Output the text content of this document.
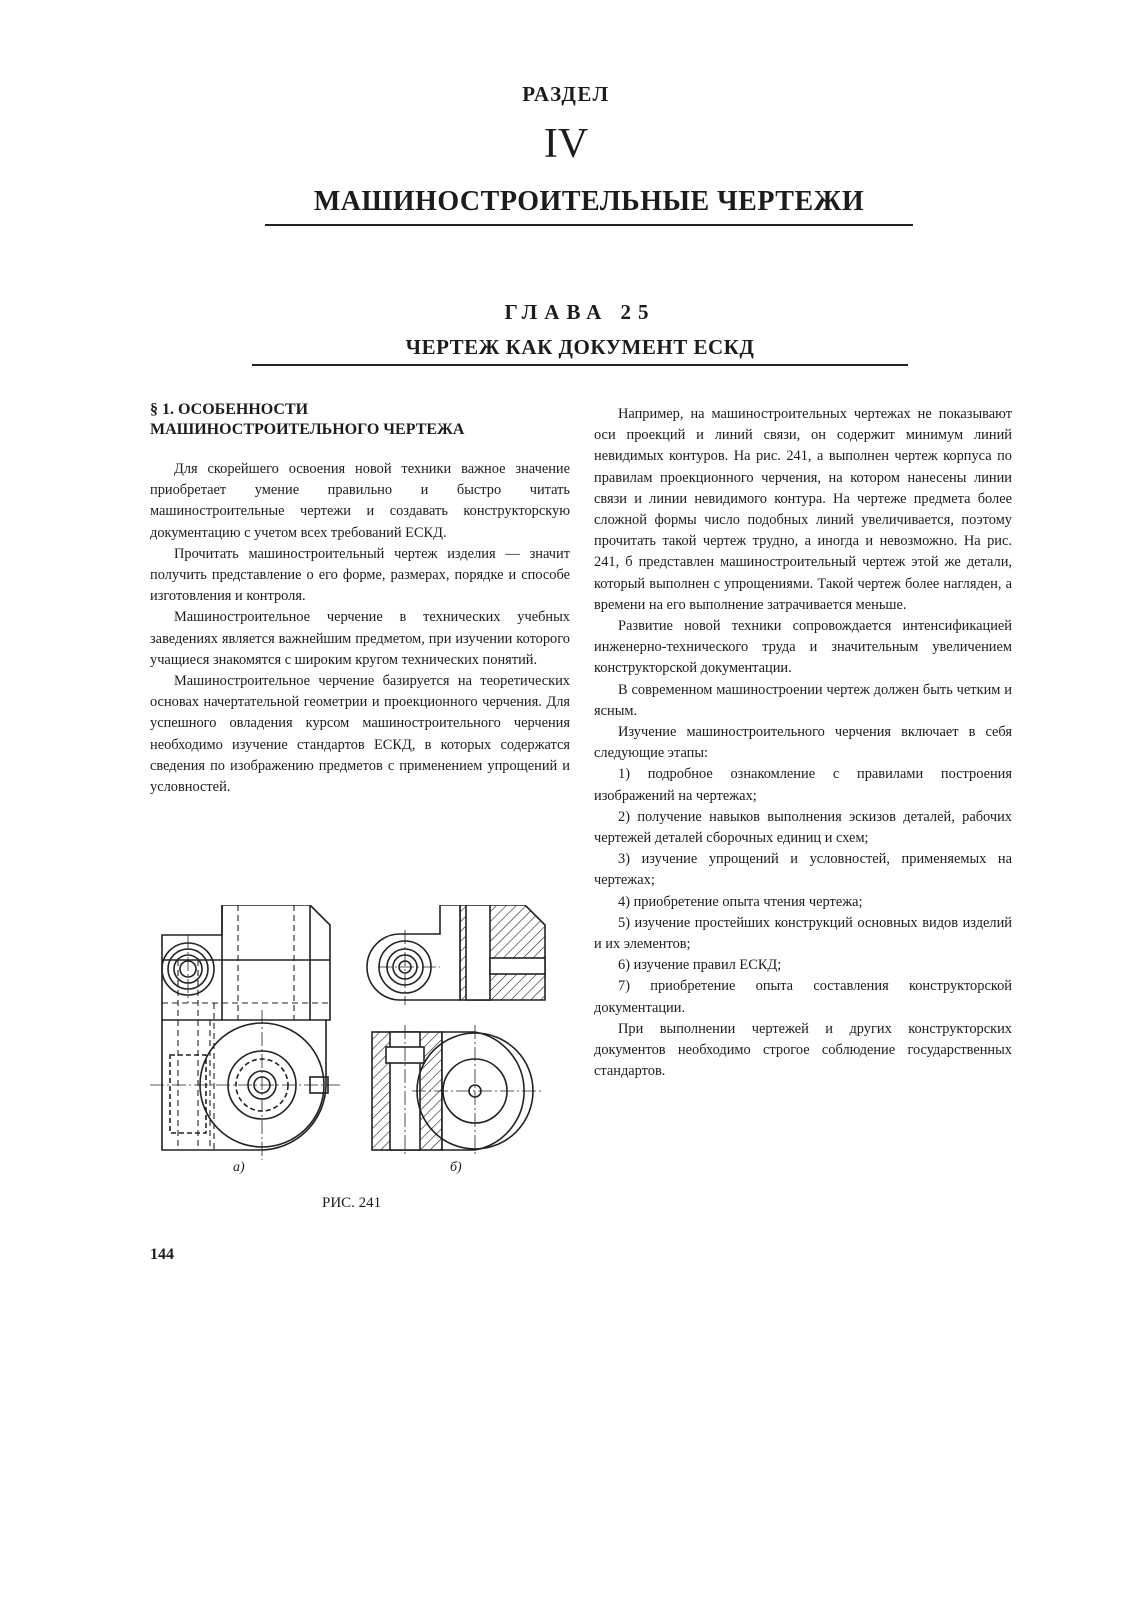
РАЗДЕЛ
IV
МАШИНОСТРОИТЕЛЬНЫЕ ЧЕРТЕЖИ
ГЛАВА 25
ЧЕРТЕЖ КАК ДОКУМЕНТ ЕСКД
§ 1. ОСОБЕННОСТИ
МАШИНОСТРОИТЕЛЬНОГО ЧЕРТЕЖА

Для скорейшего освоения новой техники важное значение приобретает умение правильно и быстро читать машиностроительные чертежи и создавать конструкторскую документацию с учетом всех требований ЕСКД.

Прочитать машиностроительный чертеж изделия — значит получить представление о его форме, размерах, порядке и способе изготовления и контроля.

Машиностроительное черчение в технических учебных заведениях является важнейшим предметом, при изучении которого учащиеся знакомятся с широким кругом технических понятий.

Машиностроительное черчение базируется на теоретических основах начертательной геометрии и проекционного черчения. Для успешного овладения курсом машиностроительного черчения необходимо изучение стандартов ЕСКД, в которых содержатся сведения по изображению предметов с применением упрощений и условностей.

Например, на машиностроительных чертежах не показывают оси проекций и линий связи, он содержит минимум линий невидимых контуров. На рис. 241, а выполнен чертеж корпуса по правилам проекционного черчения, на котором нанесены линии связи и линии невидимого контура. На чертеже предмета более сложной формы число подобных линий увеличивается, поэтому прочитать такой чертеж трудно, а иногда и невозможно. На рис. 241, б представлен машиностроительный чертеж этой же детали, который выполнен с упрощениями. Такой чертеж более нагляден, а времени на его выполнение затрачивается меньше.

Развитие новой техники сопровождается интенсификацией инженерно-технического труда и значительным увеличением конструкторской документации.

В современном машиностроении чертеж должен быть четким и ясным.

Изучение машиностроительного черчения включает в себя следующие этапы:

1) подробное ознакомление с правилами построения изображений на чертежах;

2) получение навыков выполнения эскизов деталей, рабочих чертежей деталей сборочных единиц и схем;

3) изучение упрощений и условностей, применяемых на чертежах;

4) приобретение опыта чтения чертежа;

5) изучение простейших конструкций основных видов изделий и их элементов;

6) изучение правил ЕСКД;

7) приобретение опыта составления конструкторской документации.

При выполнении чертежей и других конструкторских документов необходимо строгое соблюдение государственных стандартов.

а)	б)
РИС. 241
144
